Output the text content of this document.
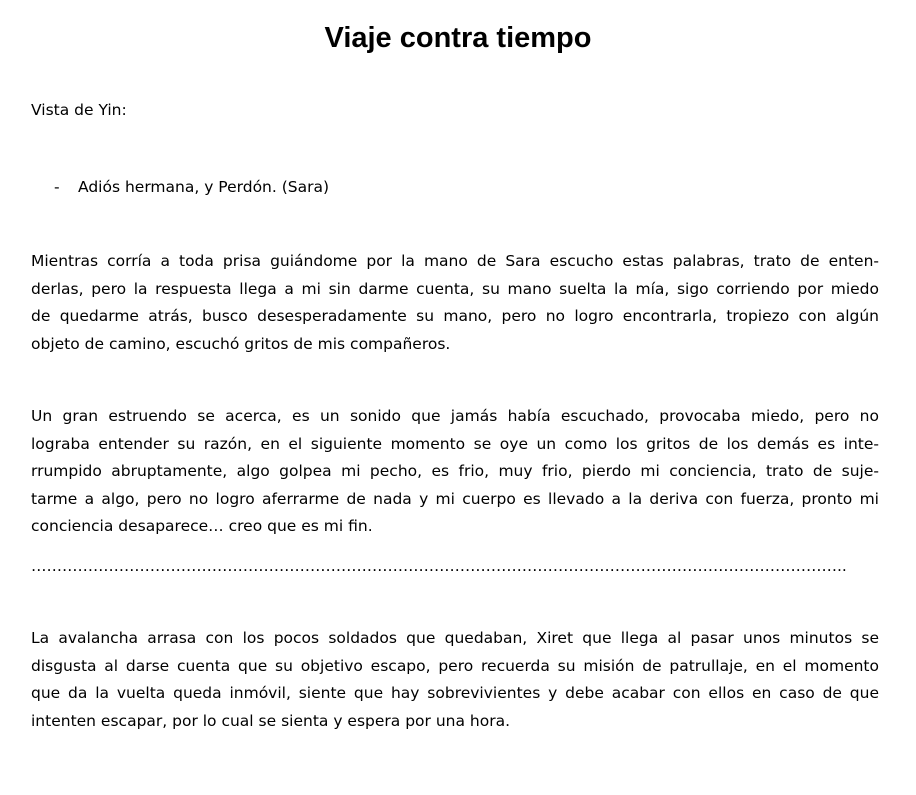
Viaje contra tiempo
Vista de Yin:
- Adiós hermana, y Perdón. (Sara)
Mientras corría a toda prisa guiándome por la mano de Sara escucho estas palabras, trato de enten-
derlas, pero la respuesta llega a mi sin darme cuenta, su mano suelta la mía, sigo corriendo por miedo
de quedarme atrás, busco desesperadamente su mano, pero no logro encontrarla, tropiezo con algún
objeto de camino, escuchó gritos de mis compañeros.
Un gran estruendo se acerca, es un sonido que jamás había escuchado, provocaba miedo, pero no
lograba entender su razón, en el siguiente momento se oye un como los gritos de los demás es inte-
rrumpido abruptamente, algo golpea mi pecho, es frio, muy frio, pierdo mi conciencia, trato de suje-
tarme a algo, pero no logro aferrarme de nada y mi cuerpo es llevado a la deriva con fuerza, pronto mi
conciencia desaparece… creo que es mi fin.
…………………………………………………………………………………………………………………………………………..
La avalancha arrasa con los pocos soldados que quedaban, Xiret que llega al pasar unos minutos se
disgusta al darse cuenta que su objetivo escapo, pero recuerda su misión de patrullaje, en el momento
que da la vuelta queda inmóvil, siente que hay sobrevivientes y debe acabar con ellos en caso de que
intenten escapar, por lo cual se sienta y espera por una hora.
